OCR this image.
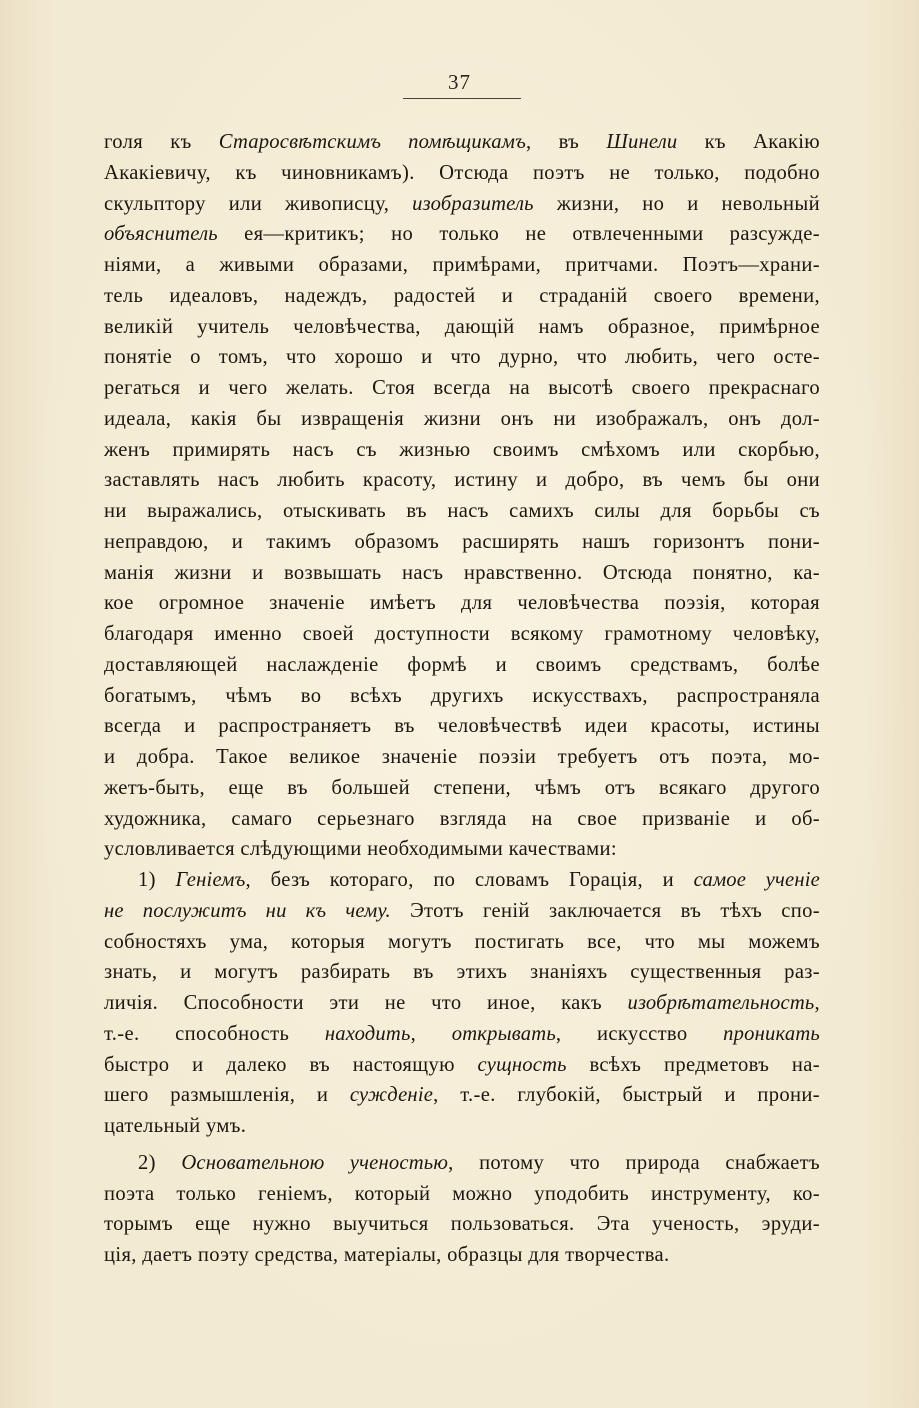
37
голя къ Старосвѣтскимъ помѣщикамъ, въ Шинели къ Акакію
Акакіевичу, къ чиновникамъ). Отсюда поэтъ не только, подобно
скульптору или живописцу, изобразитель жизни, но и невольный
объяснитель ея—критикъ; но только не отвлеченными разсужде-
ніями, а живыми образами, примѣрами, притчами. Поэтъ—храни-
тель идеаловъ, надеждъ, радостей и страданій своего времени,
великій учитель человѣчества, дающій намъ образное, примѣрное
понятіе о томъ, что хорошо и что дурно, что любить, чего осте-
регаться и чего желать. Стоя всегда на высотѣ своего прекраснаго
идеала, какія бы извращенія жизни онъ ни изображалъ, онъ дол-
женъ примирять насъ съ жизнью своимъ смѣхомъ или скорбью,
заставлять насъ любить красоту, истину и добро, въ чемъ бы они
ни выражались, отыскивать въ насъ самихъ силы для борьбы съ
неправдою, и такимъ образомъ расширять нашъ горизонтъ пони-
манія жизни и возвышать насъ нравственно. Отсюда понятно, ка-
кое огромное значеніе имѣетъ для человѣчества поэзія, которая
благодаря именно своей доступности всякому грамотному человѣку,
доставляющей наслажденіе формѣ и своимъ средствамъ, болѣе
богатымъ, чѣмъ во всѣхъ другихъ искусствахъ, распространяла
всегда и распространяетъ въ человѣчествѣ идеи красоты, истины
и добра. Такое великое значеніе поэзіи требуетъ отъ поэта, мо-
жетъ-быть, еще въ большей степени, чѣмъ отъ всякаго другого
художника, самаго серьезнаго взгляда на свое призваніе и об-
условливается слѣдующими необходимыми качествами:
1) Геніемъ, безъ котораго, по словамъ Горація, и самое ученіе
не послужитъ ни къ чему. Этотъ геній заключается въ тѣхъ спо-
собностяхъ ума, которыя могутъ постигать все, что мы можемъ
знать, и могутъ разбирать въ этихъ знаніяхъ существенныя раз-
личія. Способности эти не что иное, какъ изобрѣтательность,
т.-е. способность находить, открывать, искусство проникать
быстро и далеко въ настоящую сущность всѣхъ предметовъ на-
шего размышленія, и сужденіе, т.-е. глубокій, быстрый и прони-
цательный умъ.
2) Основательною ученостью, потому что природа снабжаетъ
поэта только геніемъ, который можно уподобить инструменту, ко-
торымъ еще нужно выучиться пользоваться. Эта ученость, эруди-
ція, даетъ поэту средства, матеріалы, образцы для творчества.
